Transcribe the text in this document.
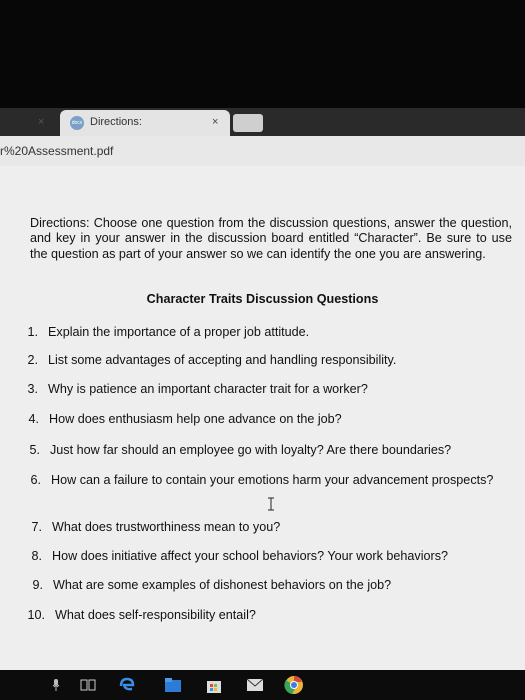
×	docx Directions:	×
r%20Assessment.pdf
Directions: Choose one question from the discussion questions, answer the question, and key in your answer in the discussion board entitled “Character”. Be sure to use the question as part of your answer so we can identify the one you are answering.
Character Traits Discussion Questions
1. Explain the importance of a proper job attitude.
2. List some advantages of accepting and handling responsibility.
3. Why is patience an important character trait for a worker?
4. How does enthusiasm help one advance on the job?
5. Just how far should an employee go with loyalty? Are there boundaries?
6. How can a failure to contain your emotions harm your advancement prospects?
7. What does trustworthiness mean to you?
8. How does initiative affect your school behaviors? Your work behaviors?
9. What are some examples of dishonest behaviors on the job?
10. What does self-responsibility entail?
